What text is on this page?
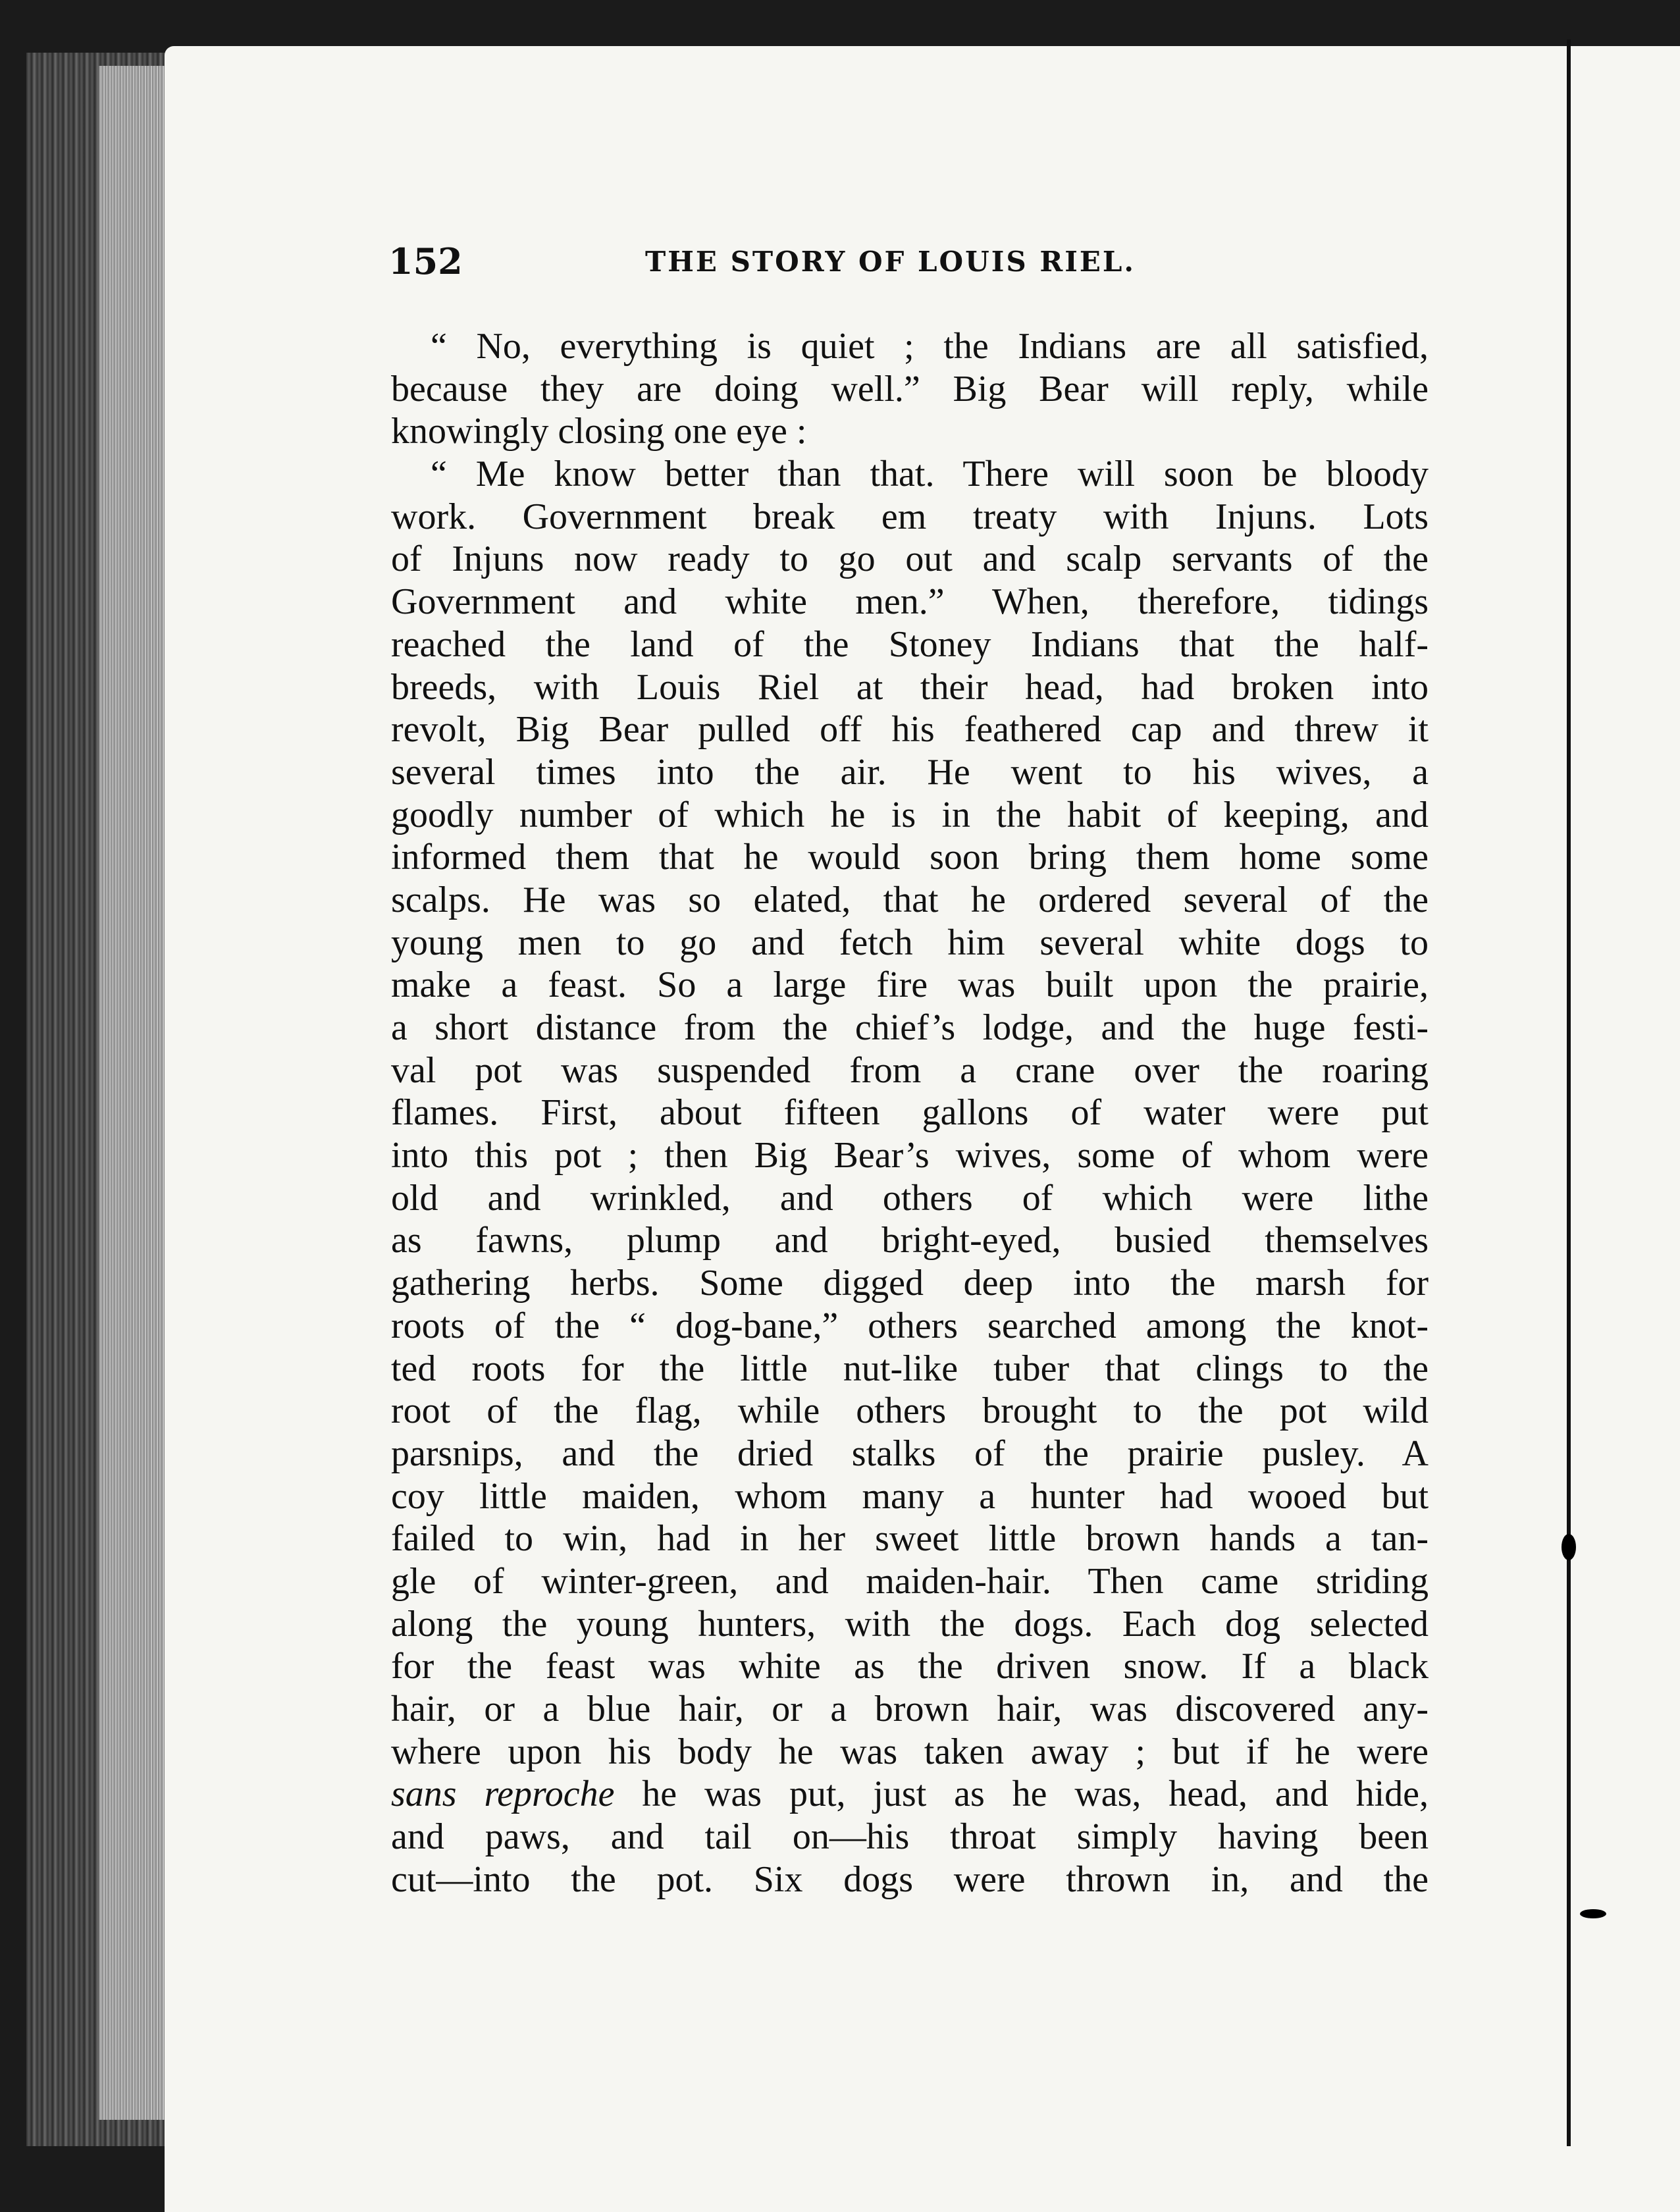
152	THE STORY OF LOUIS RIEL.
“ No, everything is quiet ; the Indians are all satisfied,
because they are doing well.” Big Bear will reply, while
knowingly closing one eye :
“ Me know better than that. There will soon be bloody
work. Government break em treaty with Injuns. Lots
of Injuns now ready to go out and scalp servants of the
Government and white men.” When, therefore, tidings
reached the land of the Stoney Indians that the half-
breeds, with Louis Riel at their head, had broken into
revolt, Big Bear pulled off his feathered cap and threw it
several times into the air. He went to his wives, a
goodly number of which he is in the habit of keeping, and
informed them that he would soon bring them home some
scalps. He was so elated, that he ordered several of the
young men to go and fetch him several white dogs to
make a feast. So a large fire was built upon the prairie,
a short distance from the chief’s lodge, and the huge festi-
val pot was suspended from a crane over the roaring
flames. First, about fifteen gallons of water were put
into this pot ; then Big Bear’s wives, some of whom were
old and wrinkled, and others of which were lithe
as fawns, plump and bright-eyed, busied themselves
gathering herbs. Some digged deep into the marsh for
roots of the “ dog-bane,” others searched among the knot-
ted roots for the little nut-like tuber that clings to the
root of the flag, while others brought to the pot wild
parsnips, and the dried stalks of the prairie pusley. A
coy little maiden, whom many a hunter had wooed but
failed to win, had in her sweet little brown hands a tan-
gle of winter-green, and maiden-hair. Then came striding
along the young hunters, with the dogs. Each dog selected
for the feast was white as the driven snow. If a black
hair, or a blue hair, or a brown hair, was discovered any-
where upon his body he was taken away ; but if he were
sans reproche he was put, just as he was, head, and hide,
and paws, and tail on—his throat simply having been
cut—into the pot. Six dogs were thrown in, and the
